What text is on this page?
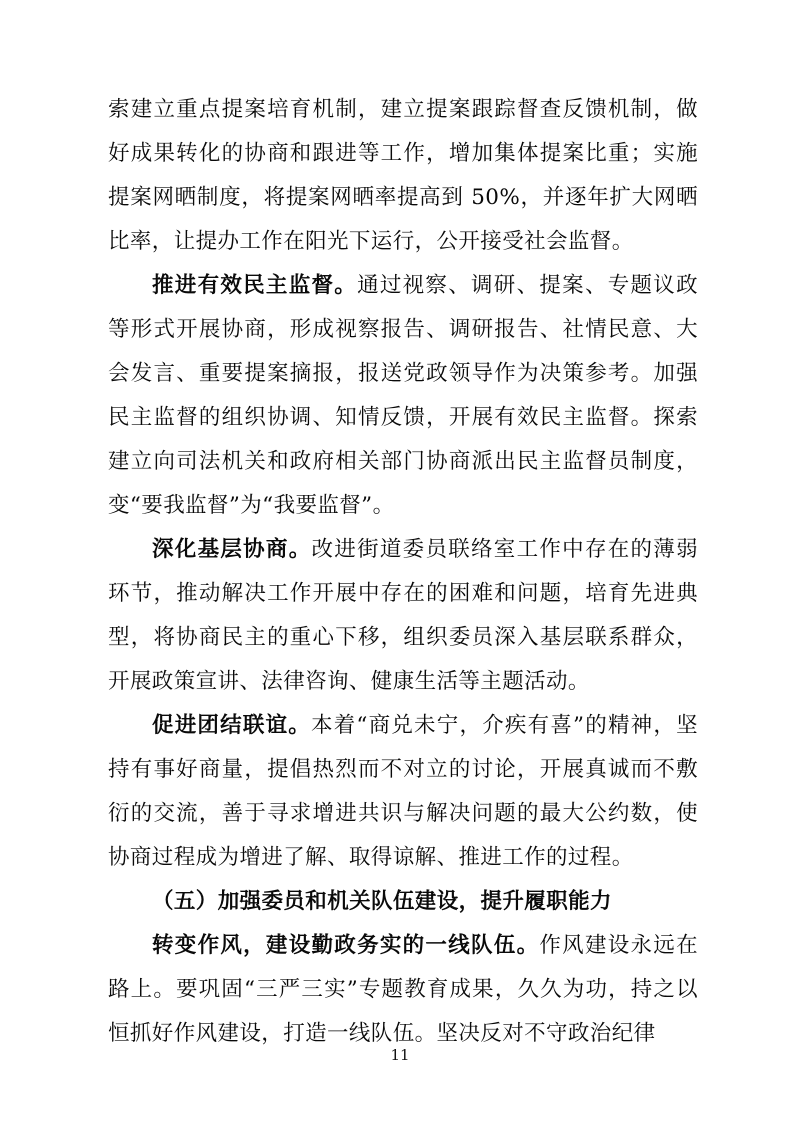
索建立重点提案培育机制，建立提案跟踪督查反馈机制，做好成果转化的协商和跟进等工作，增加集体提案比重；实施提案网晒制度，将提案网晒率提高到 50%，并逐年扩大网晒比率，让提办工作在阳光下运行，公开接受社会监督。

推进有效民主监督。通过视察、调研、提案、专题议政等形式开展协商，形成视察报告、调研报告、社情民意、大会发言、重要提案摘报，报送党政领导作为决策参考。加强民主监督的组织协调、知情反馈，开展有效民主监督。探索建立向司法机关和政府相关部门协商派出民主监督员制度，变“要我监督”为“我要监督”。

深化基层协商。改进街道委员联络室工作中存在的薄弱环节，推动解决工作开展中存在的困难和问题，培育先进典型，将协商民主的重心下移，组织委员深入基层联系群众，开展政策宣讲、法律咨询、健康生活等主题活动。

促进团结联谊。本着“商兑未宁，介疾有喜”的精神，坚持有事好商量，提倡热烈而不对立的讨论，开展真诚而不敷衍的交流，善于寻求增进共识与解决问题的最大公约数，使协商过程成为增进了解、取得谅解、推进工作的过程。

（五）加强委员和机关队伍建设，提升履职能力

转变作风，建设勤政务实的一线队伍。作风建设永远在路上。要巩固“三严三实”专题教育成果，久久为功，持之以恒抓好作风建设，打造一线队伍。坚决反对不守政治纪律

11
